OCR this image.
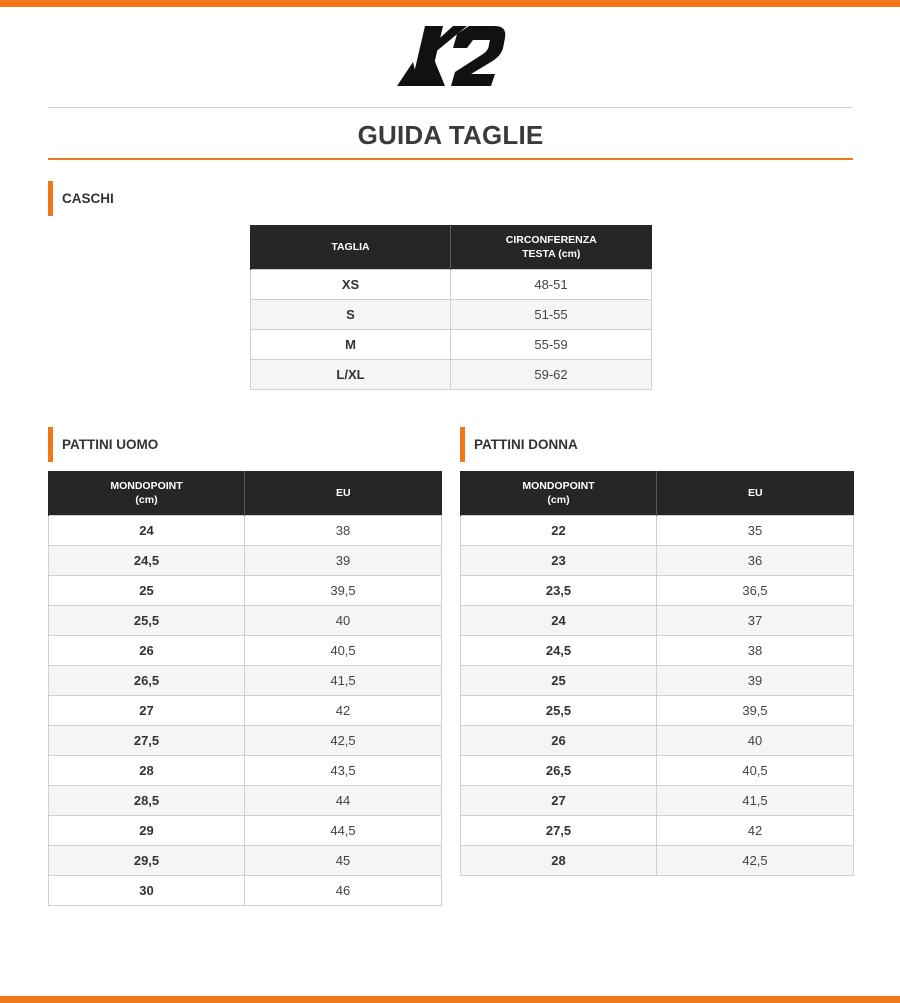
GUIDA TAGLIE
CASCHI
TAGLIA	CIRCONFERENZA
TESTA (cm)
XS	48-51
S	51-55
M	55-59
L/XL	59-62
PATTINI UOMO
MONDOPOINT
(cm)	EU
24	38
24,5	39
25	39,5
25,5	40
26	40,5
26,5	41,5
27	42
27,5	42,5
28	43,5
28,5	44
29	44,5
29,5	45
30	46
PATTINI DONNA
MONDOPOINT
(cm)	EU
22	35
23	36
23,5	36,5
24	37
24,5	38
25	39
25,5	39,5
26	40
26,5	40,5
27	41,5
27,5	42
28	42,5
